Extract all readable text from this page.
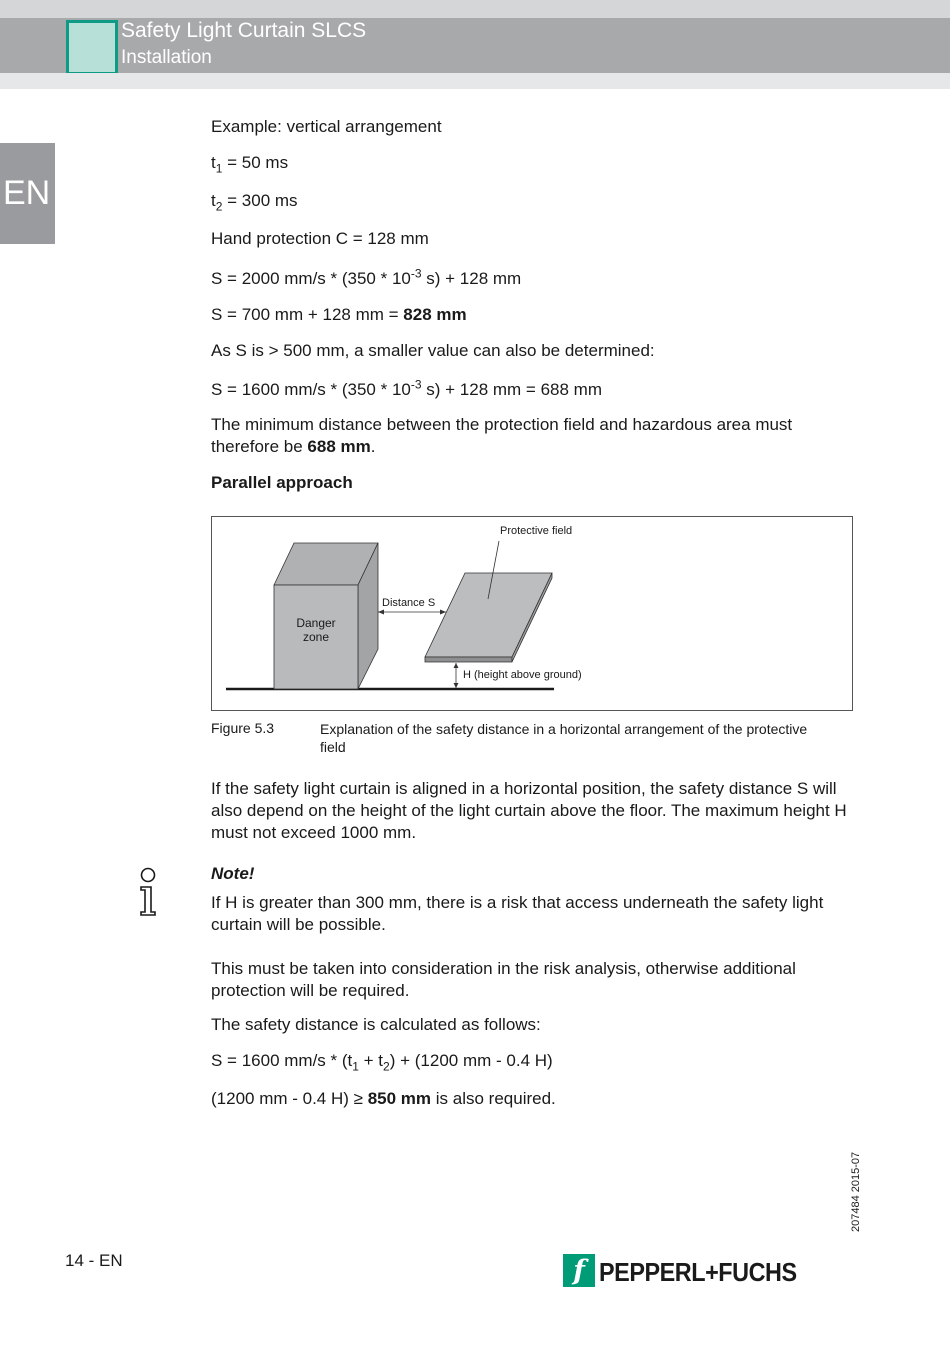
Safety Light Curtain SLCS
Installation
EN
Example: vertical arrangement
$t_1 = 50$ ms
$t_2 = 300$ ms
Hand protection C = 128 mm
S = 2000 $mm/s * (350 * 10^{-3}$ s) + 128 mm
S = 700 mm + 128 mm = 828 mm
As S is > 500 mm, a smaller value can also be determined:
S = 1600 $mm/s * (350 * 10^{-3}$ s) + 128 mm = 688 mm
The minimum distance between the protection field and hazardous area must therefore be 688 mm.
Parallel approach
Protective field
Distance S
Danger
zone
H (height above ground)
Figure 5.3	Explanation of the safety distance in a horizontal arrangement of the protective field
If the safety light curtain is aligned in a horizontal position, the safety distance S will also depend on the height of the light curtain above the floor. The maximum height H must not exceed 1000 mm.
Note!
If H is greater than 300 mm, there is a risk that access underneath the safety light curtain will be possible.
This must be taken into consideration in the risk analysis, otherwise additional protection will be required.
The safety distance is calculated as follows:
S = 1600 $mm/s * (t_1 + t_2) + (1200$ mm - 0.4 H)
(1200 mm - 0.4 H) ≥ 850 mm is also required.
207484 2015-07
14 - EN	f PEPPERL+FUCHS
